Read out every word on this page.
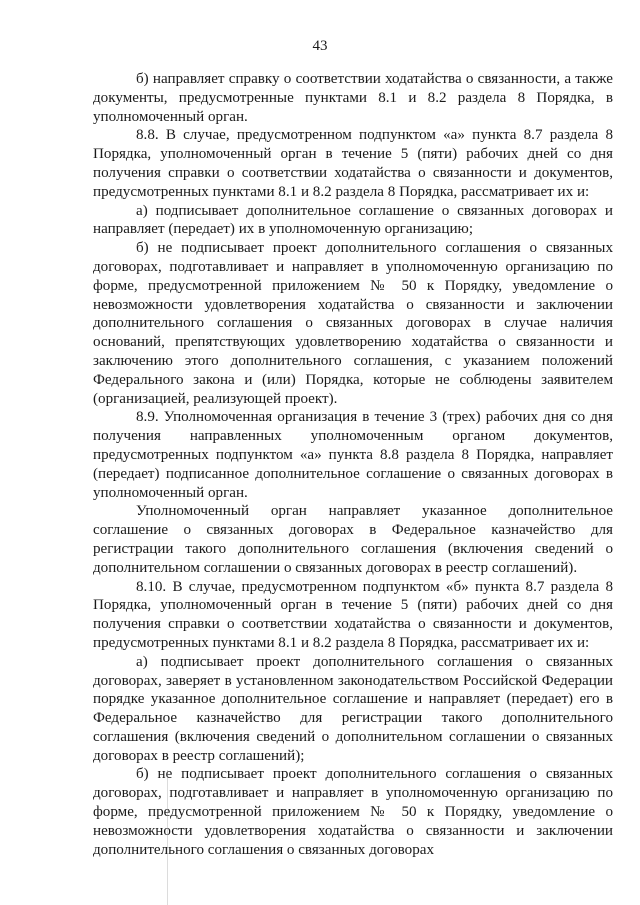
43

б) направляет справку о соответствии ходатайства о связанности, а также документы, предусмотренные пунктами 8.1 и 8.2 раздела 8 Порядка, в уполномоченный орган.

8.8. В случае, предусмотренном подпунктом «а» пункта 8.7 раздела 8 Порядка, уполномоченный орган в течение 5 (пяти) рабочих дней со дня получения справки о соответствии ходатайства о связанности и документов, предусмотренных пунктами 8.1 и 8.2 раздела 8 Порядка, рассматривает их и:

а) подписывает дополнительное соглашение о связанных договорах и направляет (передает) их в уполномоченную организацию;

б) не подписывает проект дополнительного соглашения о связанных договорах, подготавливает и направляет в уполномоченную организацию по форме, предусмотренной приложением № 50 к Порядку, уведомление о невозможности удовлетворения ходатайства о связанности и заключении дополнительного соглашения о связанных договорах в случае наличия оснований, препятствующих удовлетворению ходатайства о связанности и заключению этого дополнительного соглашения, с указанием положений Федерального закона и (или) Порядка, которые не соблюдены заявителем (организацией, реализующей проект).

8.9. Уполномоченная организация в течение 3 (трех) рабочих дня со дня получения направленных уполномоченным органом документов, предусмотренных подпунктом «а» пункта 8.8 раздела 8 Порядка, направляет (передает) подписанное дополнительное соглашение о связанных договорах в уполномоченный орган.

Уполномоченный орган направляет указанное дополнительное соглашение о связанных договорах в Федеральное казначейство для регистрации такого дополнительного соглашения (включения сведений о дополнительном соглашении о связанных договорах в реестр соглашений).

8.10. В случае, предусмотренном подпунктом «б» пункта 8.7 раздела 8 Порядка, уполномоченный орган в течение 5 (пяти) рабочих дней со дня получения справки о соответствии ходатайства о связанности и документов, предусмотренных пунктами 8.1 и 8.2 раздела 8 Порядка, рассматривает их и:

а) подписывает проект дополнительного соглашения о связанных договорах, заверяет в установленном законодательством Российской Федерации порядке указанное дополнительное соглашение и направляет (передает) его в Федеральное казначейство для регистрации такого дополнительного соглашения (включения сведений о дополнительном соглашении о связанных договорах в реестр соглашений);

б) не подписывает проект дополнительного соглашения о связанных договорах, подготавливает и направляет в уполномоченную организацию по форме, предусмотренной приложением № 50 к Порядку, уведомление о невозможности удовлетворения ходатайства о связанности и заключении дополнительного соглашения о связанных договорах
